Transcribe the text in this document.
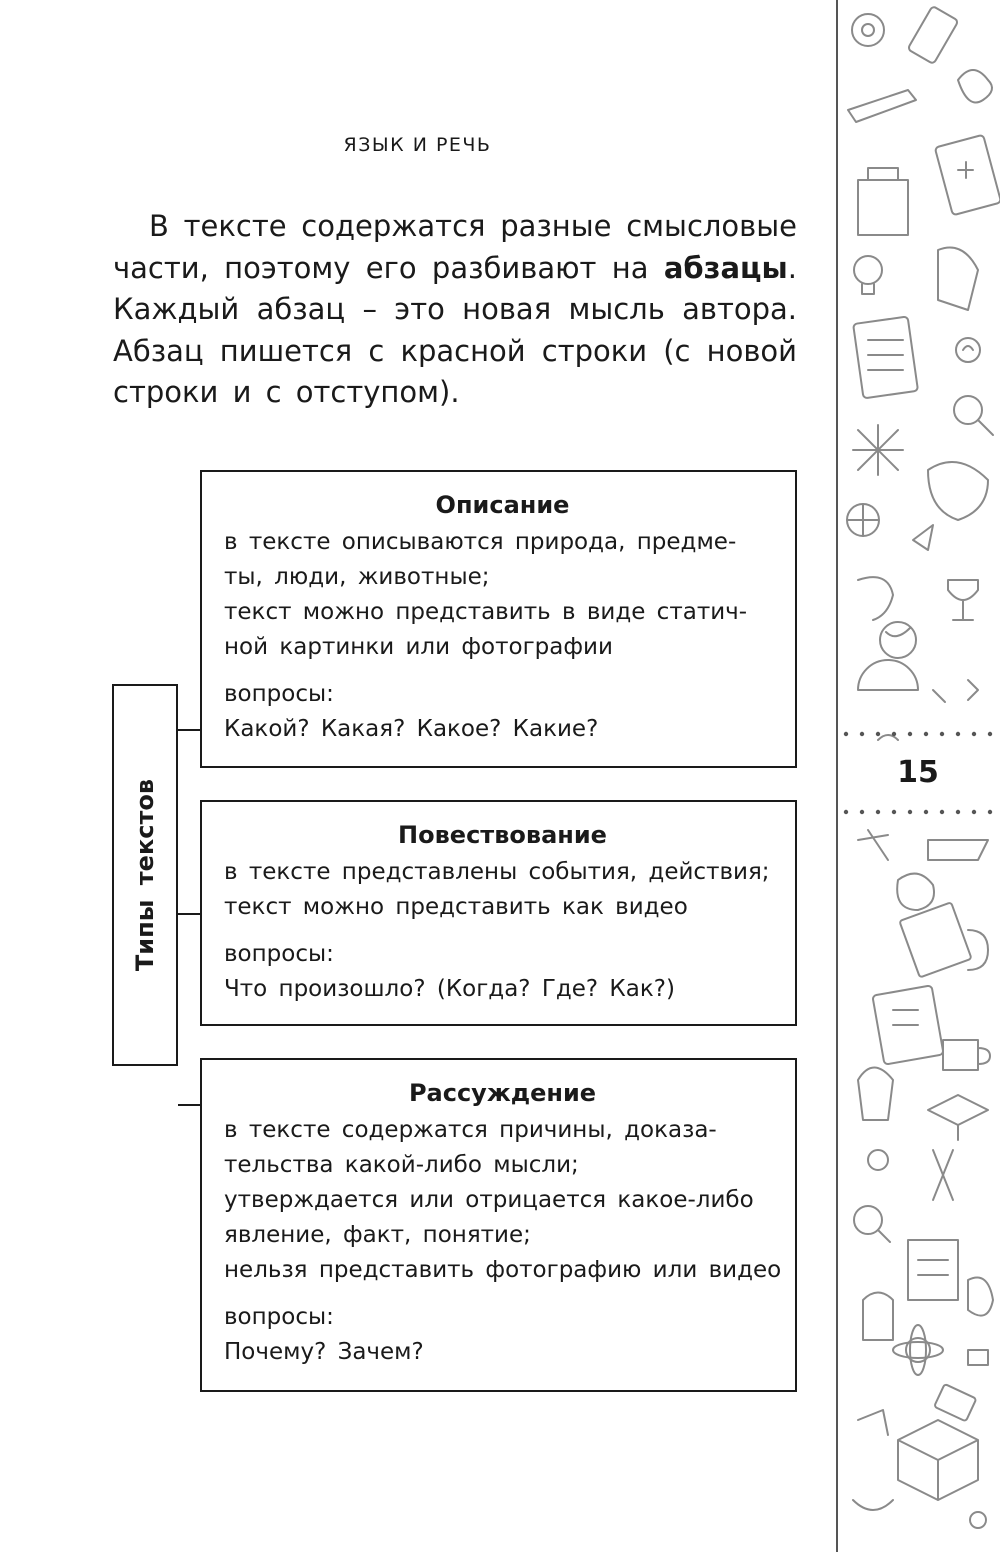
ЯЗЫК И РЕЧЬ
В тексте содержатся разные смысловые
части, поэтому его разбивают на абзацы.
Каждый абзац – это новая мысль автора.
Абзац пишется с красной строки (с новой
строки и с отступом).
Типы текстов
Описание
в тексте описываются природа, предме-
ты, люди, животные;
текст можно представить в виде статич-
ной картинки или фотографии
вопросы:
Какой? Какая? Какое? Какие?
Повествование
в тексте представлены события, действия;
текст можно представить как видео
вопросы:
Что произошло? (Когда? Где? Как?)
Рассуждение
в тексте содержатся причины, доказа-
тельства какой-либо мысли;
утверждается или отрицается какое-либо
явление, факт, понятие;
нельзя представить фотографию или видео
вопросы:
Почему? Зачем?
15
